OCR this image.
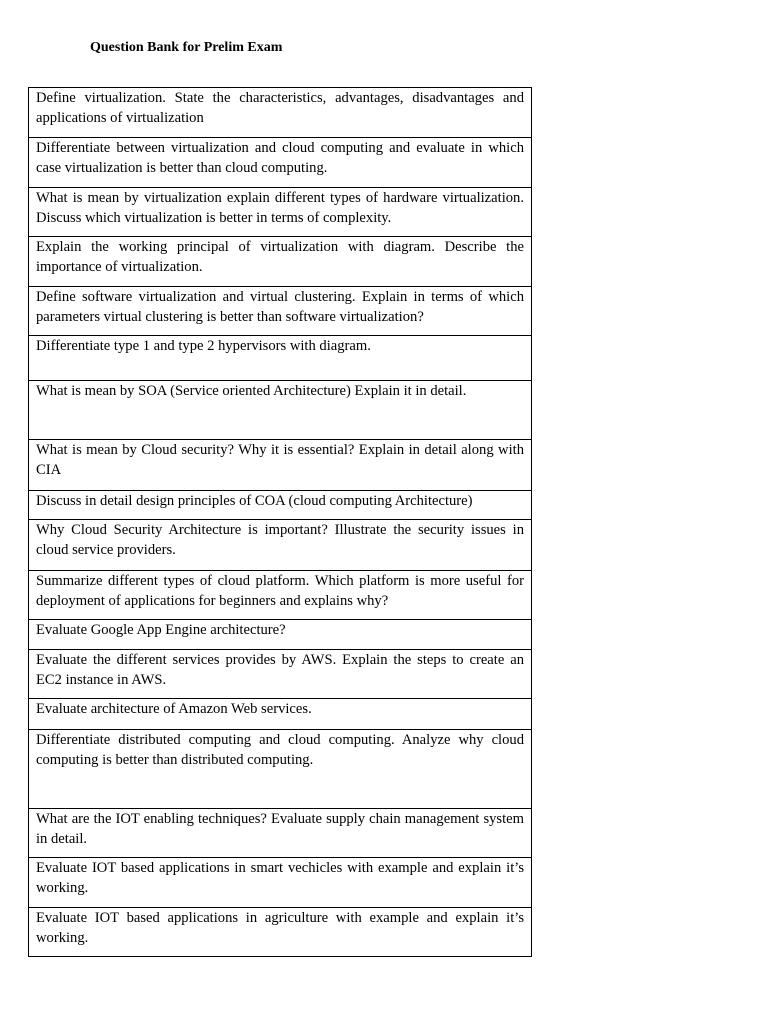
Question Bank for Prelim Exam
Define virtualization. State the characteristics, advantages, disadvantages and applications of virtualization
Differentiate between virtualization and cloud computing and evaluate in which case virtualization is better than cloud computing.
What is mean by virtualization explain different types of hardware virtualization. Discuss which virtualization is better in terms of complexity.
Explain the working principal of virtualization with diagram. Describe the importance of virtualization.
Define software virtualization and virtual clustering. Explain in terms of which parameters virtual clustering is better than software virtualization?
Differentiate type 1 and type 2 hypervisors with diagram.
What is mean by SOA (Service oriented Architecture) Explain it in detail.
What is mean by Cloud security? Why it is essential? Explain in detail along with CIA
Discuss in detail design principles of COA (cloud computing Architecture)
Why Cloud Security Architecture is important? Illustrate the security issues in cloud service providers.
Summarize different types of cloud platform. Which platform is more useful for deployment of applications for beginners and explains why?
Evaluate Google App Engine architecture?
Evaluate the different services provides by AWS. Explain the steps to create an EC2 instance in AWS.
Evaluate architecture of Amazon Web services.
Differentiate distributed computing and cloud computing. Analyze why cloud computing is better than distributed computing.
What are the IOT enabling techniques? Evaluate supply chain management system in detail.
Evaluate IOT based applications in smart vechicles with example and explain it’s working.
Evaluate IOT based applications in agriculture with example and explain it’s working.
